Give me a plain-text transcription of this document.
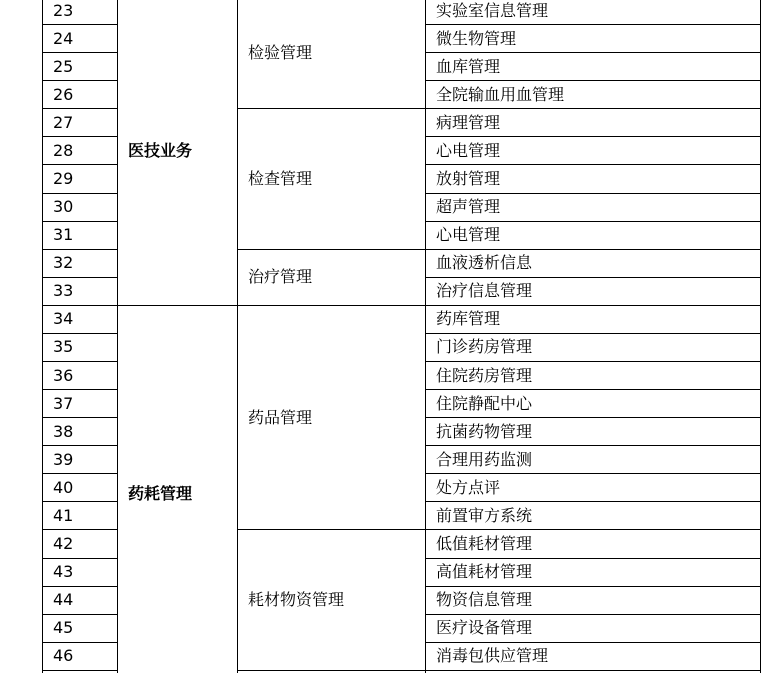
23	医技业务	检验管理	实验室信息管理
24			微生物管理
25			血库管理
26			全院输血用血管理
27		检查管理	病理管理
28			心电管理
29			放射管理
30			超声管理
31			心电管理
32		治疗管理	血液透析信息
33			治疗信息管理
34	药耗管理	药品管理	药库管理
35			门诊药房管理
36			住院药房管理
37			住院静配中心
38			抗菌药物管理
39			合理用药监测
40			处方点评
41			前置审方系统
42		耗材物资管理	低值耗材管理
43			高值耗材管理
44			物资信息管理
45			医疗设备管理
46			消毒包供应管理
